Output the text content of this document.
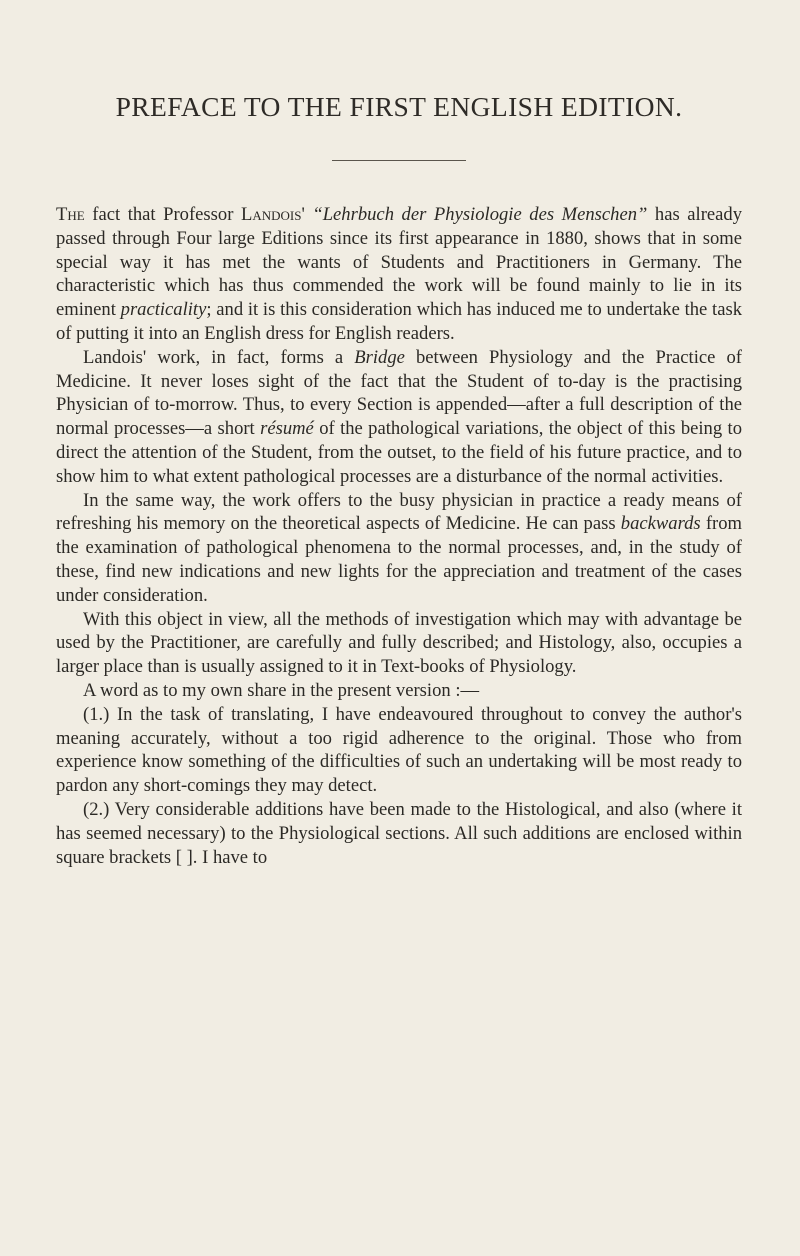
PREFACE TO THE FIRST ENGLISH EDITION.

The fact that Professor Landois' “Lehrbuch der Physiologie des Menschen” has already passed through Four large Editions since its first appearance in 1880, shows that in some special way it has met the wants of Students and Practitioners in Germany. The characteristic which has thus commended the work will be found mainly to lie in its eminent practicality; and it is this consideration which has induced me to undertake the task of putting it into an English dress for English readers.

Landois' work, in fact, forms a Bridge between Physiology and the Practice of Medicine. It never loses sight of the fact that the Student of to-day is the practising Physician of to-morrow. Thus, to every Section is appended—after a full description of the normal processes—a short résumé of the pathological variations, the object of this being to direct the attention of the Student, from the outset, to the field of his future practice, and to show him to what extent pathological processes are a disturbance of the normal activities.

In the same way, the work offers to the busy physician in practice a ready means of refreshing his memory on the theoretical aspects of Medicine. He can pass backwards from the examination of pathological phenomena to the normal processes, and, in the study of these, find new indications and new lights for the appreciation and treatment of the cases under consideration.

With this object in view, all the methods of investigation which may with advantage be used by the Practitioner, are carefully and fully described; and Histology, also, occupies a larger place than is usually assigned to it in Text-books of Physiology.

A word as to my own share in the present version :—

(1.) In the task of translating, I have endeavoured throughout to convey the author's meaning accurately, without a too rigid adherence to the original. Those who from experience know something of the difficulties of such an undertaking will be most ready to pardon any short-comings they may detect.

(2.) Very considerable additions have been made to the Histological, and also (where it has seemed necessary) to the Physiological sections. All such additions are enclosed within square brackets [ ]. I have to
